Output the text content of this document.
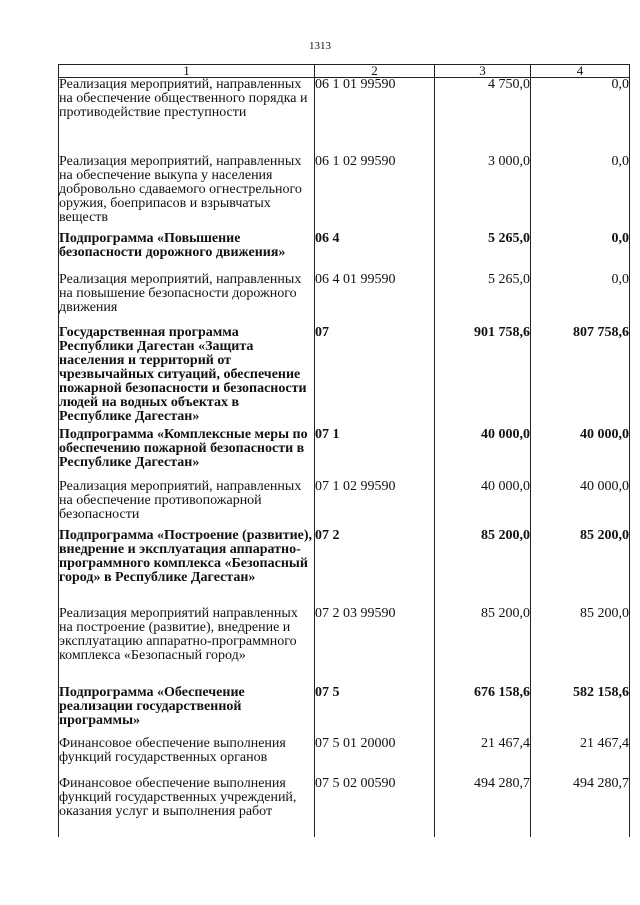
1313
1	2	3	4
Реализация мероприятий, направленных на обеспечение общественного порядка и противодействие преступности	06 1 01 99590	4 750,0	0,0
Реализация мероприятий, направленных на обеспечение выкупа у населения добровольно сдаваемого огнестрельного оружия, боеприпасов и взрывчатых веществ	06 1 02 99590	3 000,0	0,0
Подпрограмма «Повышение безопасности дорожного движения»	06 4	5 265,0	0,0
Реализация мероприятий, направленных на повышение безопасности дорожного движения	06 4 01 99590	5 265,0	0,0
Государственная программа Республики Дагестан «Защита населения и территорий от чрезвычайных ситуаций, обеспечение пожарной безопасности и безопасности людей на водных объектах в Республике Дагестан»	07	901 758,6	807 758,6
Подпрограмма «Комплексные меры по обеспечению пожарной безопасности в Республике Дагестан»	07 1	40 000,0	40 000,0
Реализация мероприятий, направленных на обеспечение противопожарной безопасности	07 1 02 99590	40 000,0	40 000,0
Подпрограмма «Построение (развитие), внедрение и эксплуатация аппаратно-программного комплекса «Безопасный город» в Республике Дагестан»	07 2	85 200,0	85 200,0
Реализация мероприятий направленных на построение (развитие), внедрение и эксплуатацию аппаратно-программного комплекса «Безопасный город»	07 2 03 99590	85 200,0	85 200,0
Подпрограмма «Обеспечение реализации государственной программы»	07 5	676 158,6	582 158,6
Финансовое обеспечение выполнения функций государственных органов	07 5 01 20000	21 467,4	21 467,4
Финансовое обеспечение выполнения функций государственных учреждений, оказания услуг и выполнения работ	07 5 02 00590	494 280,7	494 280,7
